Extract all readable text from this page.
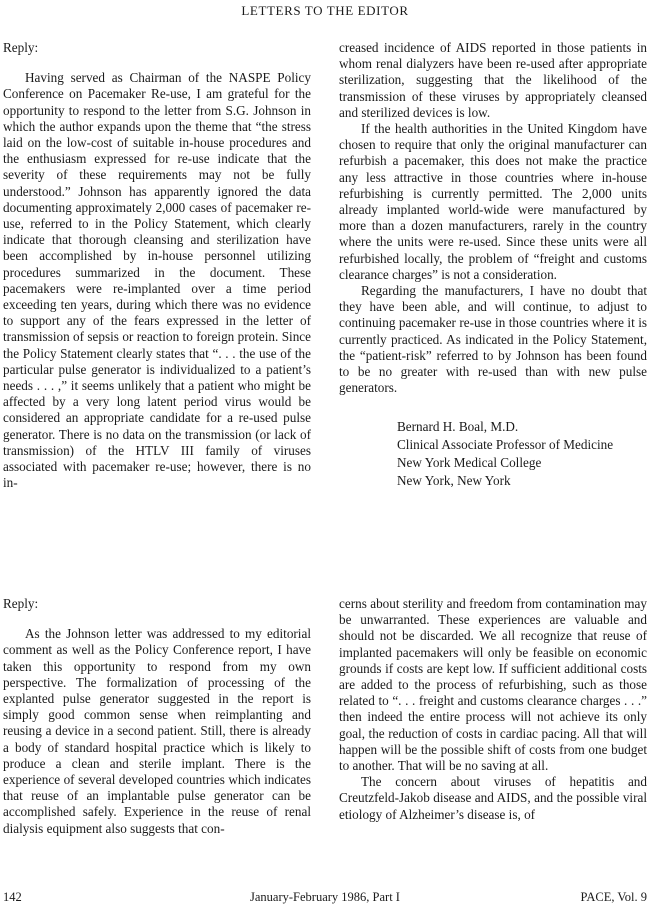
LETTERS TO THE EDITOR
Reply:

Having served as Chairman of the NASPE Policy Conference on Pacemaker Re-use, I am grateful for the opportunity to respond to the letter from S.G. Johnson in which the author expands upon the theme that “the stress laid on the low-cost of suitable in-house procedures and the enthusiasm expressed for re-use indicate that the severity of these requirements may not be fully understood.” Johnson has apparently ignored the data documenting approximately 2,000 cases of pacemaker re-use, referred to in the Policy Statement, which clearly indicate that thorough cleansing and sterilization have been accomplished by in-house personnel utilizing procedures summarized in the document. These pacemakers were re-implanted over a time period exceeding ten years, during which there was no evidence to support any of the fears expressed in the letter of transmission of sepsis or reaction to foreign protein. Since the Policy Statement clearly states that “. . . the use of the particular pulse generator is individualized to a patient’s needs . . . ,” it seems unlikely that a patient who might be affected by a very long latent period virus would be considered an appropriate candidate for a re-used pulse generator. There is no data on the transmission (or lack of transmission) of the HTLV III family of viruses associated with pacemaker re-use; however, there is no in-

creased incidence of AIDS reported in those patients in whom renal dialyzers have been re-used after appropriate sterilization, suggesting that the likelihood of the transmission of these viruses by appropriately cleansed and sterilized devices is low.

If the health authorities in the United Kingdom have chosen to require that only the original manufacturer can refurbish a pacemaker, this does not make the practice any less attractive in those countries where in-house refurbishing is currently permitted. The 2,000 units already implanted world-wide were manufactured by more than a dozen manufacturers, rarely in the country where the units were re-used. Since these units were all refurbished locally, the problem of “freight and customs clearance charges” is not a consideration.

Regarding the manufacturers, I have no doubt that they have been able, and will continue, to adjust to continuing pacemaker re-use in those countries where it is currently practiced. As indicated in the Policy Statement, the “patient-risk” referred to by Johnson has been found to be no greater with re-used than with new pulse generators.

Bernard H. Boal, M.D.
Clinical Associate Professor of Medicine
New York Medical College
New York, New York
Reply:

As the Johnson letter was addressed to my editorial comment as well as the Policy Conference report, I have taken this opportunity to respond from my own perspective. The formalization of processing of the explanted pulse generator suggested in the report is simply good common sense when reimplanting and reusing a device in a second patient. Still, there is already a body of standard hospital practice which is likely to produce a clean and sterile implant. There is the experience of several developed countries which indicates that reuse of an implantable pulse generator can be accomplished safely. Experience in the reuse of renal dialysis equipment also suggests that con-

cerns about sterility and freedom from contamination may be unwarranted. These experiences are valuable and should not be discarded. We all recognize that reuse of implanted pacemakers will only be feasible on economic grounds if costs are kept low. If sufficient additional costs are added to the process of refurbishing, such as those related to “. . . freight and customs clearance charges . . .” then indeed the entire process will not achieve its only goal, the reduction of costs in cardiac pacing. All that will happen will be the possible shift of costs from one budget to another. That will be no saving at all.

The concern about viruses of hepatitis and Creutzfeld-Jakob disease and AIDS, and the possible viral etiology of Alzheimer’s disease is, of

142	January-February 1986, Part I	PACE, Vol. 9
